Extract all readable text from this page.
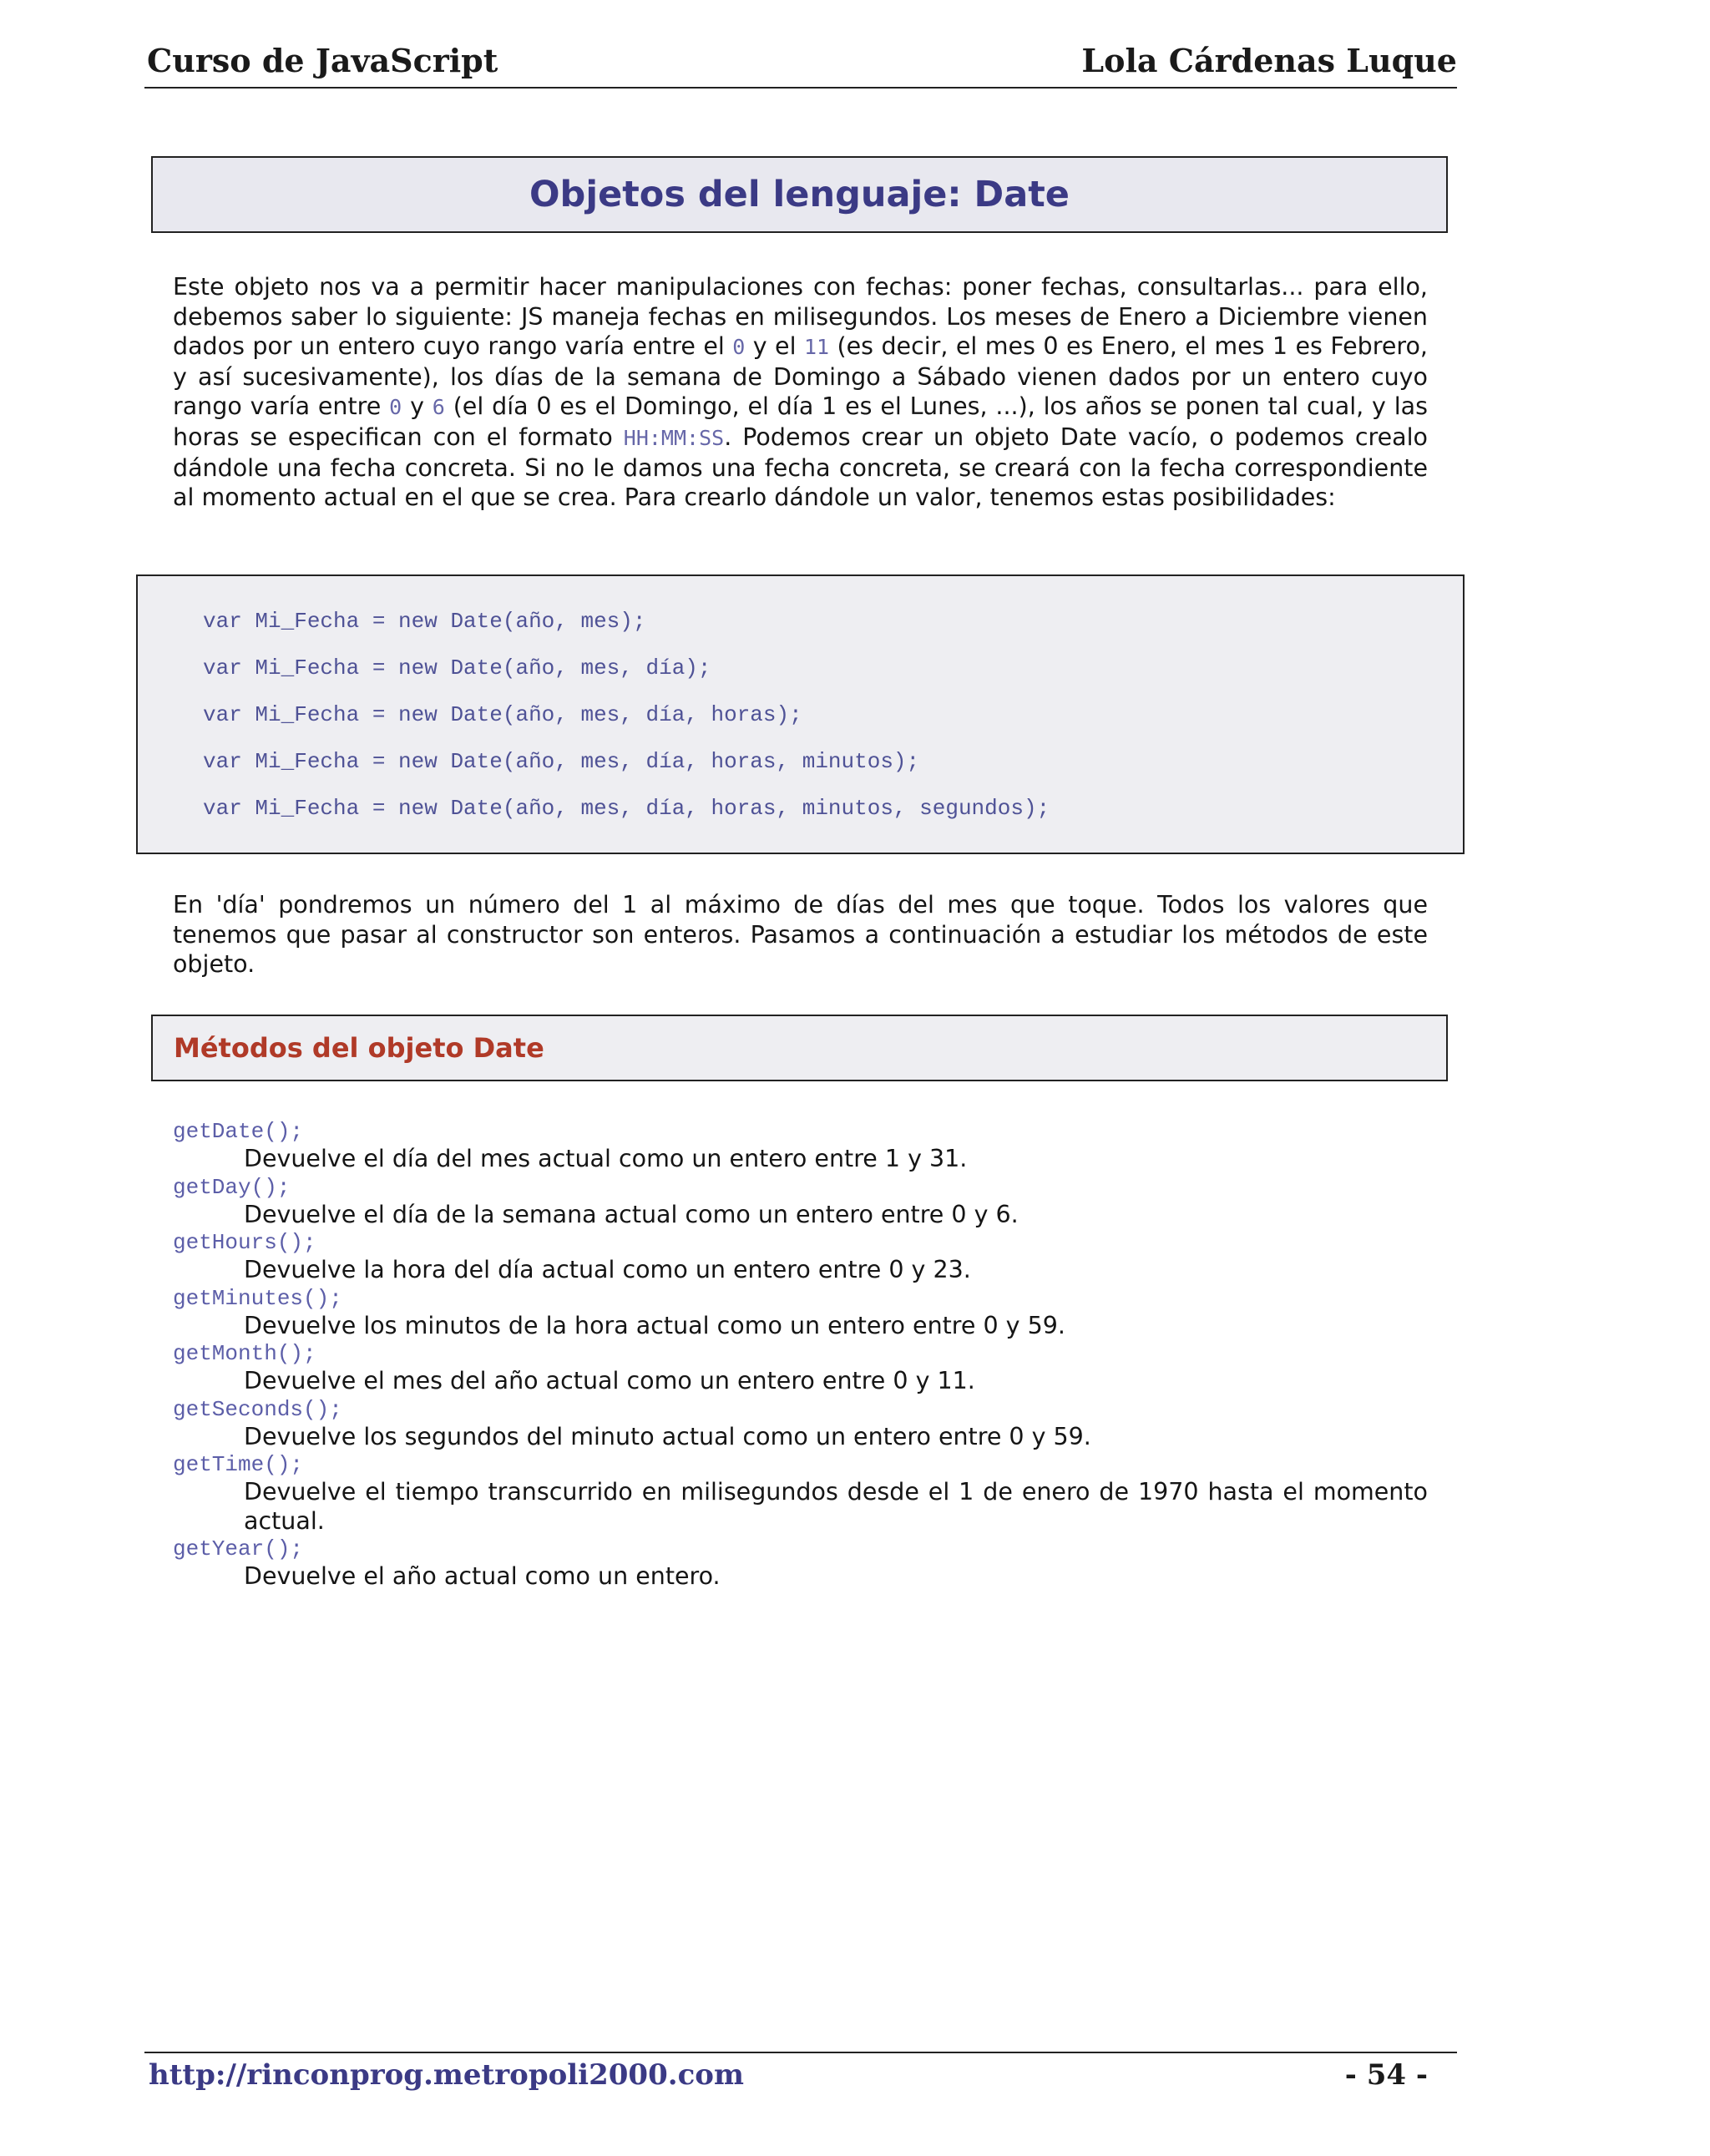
Curso de JavaScript	Lola Cárdenas Luque
Objetos del lenguaje: Date
Este objeto nos va a permitir hacer manipulaciones con fechas: poner fechas, consultarlas... para ello, debemos saber lo siguiente: JS maneja fechas en milisegundos. Los meses de Enero a Diciembre vienen dados por un entero cuyo rango varía entre el 0 y el 11 (es decir, el mes 0 es Enero, el mes 1 es Febrero, y así sucesivamente), los días de la semana de Domingo a Sábado vienen dados por un entero cuyo rango varía entre 0 y 6 (el día 0 es el Domingo, el día 1 es el Lunes, ...), los años se ponen tal cual, y las horas se especifican con el formato HH:MM:SS. Podemos crear un objeto Date vacío, o podemos crealo dándole una fecha concreta. Si no le damos una fecha concreta, se creará con la fecha correspondiente al momento actual en el que se crea. Para crearlo dándole un valor, tenemos estas posibilidades:
var Mi_Fecha = new Date(año, mes);
var Mi_Fecha = new Date(año, mes, día);
var Mi_Fecha = new Date(año, mes, día, horas);
var Mi_Fecha = new Date(año, mes, día, horas, minutos);
var Mi_Fecha = new Date(año, mes, día, horas, minutos, segundos);
En 'día' pondremos un número del 1 al máximo de días del mes que toque. Todos los valores que tenemos que pasar al constructor son enteros. Pasamos a continuación a estudiar los métodos de este objeto.
Métodos del objeto Date
getDate();
Devuelve el día del mes actual como un entero entre 1 y 31.
getDay();
Devuelve el día de la semana actual como un entero entre 0 y 6.
getHours();
Devuelve la hora del día actual como un entero entre 0 y 23.
getMinutes();
Devuelve los minutos de la hora actual como un entero entre 0 y 59.
getMonth();
Devuelve el mes del año actual como un entero entre 0 y 11.
getSeconds();
Devuelve los segundos del minuto actual como un entero entre 0 y 59.
getTime();
Devuelve el tiempo transcurrido en milisegundos desde el 1 de enero de 1970 hasta el momento actual.
getYear();
Devuelve el año actual como un entero.
http://rinconprog.metropoli2000.com	- 54 -
